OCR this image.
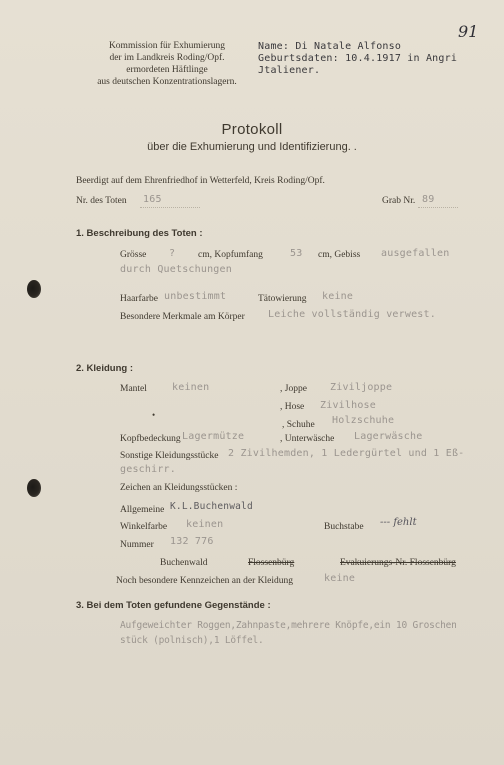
91
Kommission für Exhumierung
der im Landkreis Roding/Opf.
ermordeten Häftlinge
aus deutschen Konzentrationslagern.
Name: Di Natale Alfonso
Geburtsdaten: 10.4.1917 in Angri
Jtaliener.
Protokoll
über die Exhumierung und Identifizierung. .
Beerdigt auf dem Ehrenfriedhof in Wetterfeld, Kreis Roding/Opf.
Nr. des Toten 165	Grab Nr. 89
1. Beschreibung des Toten :
Grösse ? cm, Kopfumfang	53 cm, Gebiss ausgefallen
durch Quetschungen
Haarfarbe unbestimmt	Tätowierung keine
Besondere Merkmale am Körper Leiche vollständig verwest.
2. Kleidung :
Mantel	keinen	, Joppe Ziviljoppe
, Hose Zivilhose
, Schuhe Holzschuhe
•
Kopfbedeckung Lagermütze	, Unterwäsche Lagerwäsche
Sonstige Kleidungsstücke 2 Zivilhemden, 1 Ledergürtel und 1 Eß-
geschirr.
Zeichen an Kleidungsstücken :
Allgemeine K.L.Buchenwald
Winkelfarbe keinen	Buchstabe --- fehlt
Nummer 132 776
Buchenwald	Flossenbürg	Evakuierungs-Nr. Flossenbürg
Noch besondere Kennzeichen an der Kleidung	keine
3. Bei dem Toten gefundene Gegenstände :
Aufgeweichter Roggen,Zahnpaste,mehrere Knöpfe,ein 10 Groschen
stück (polnisch),1 Löffel.
